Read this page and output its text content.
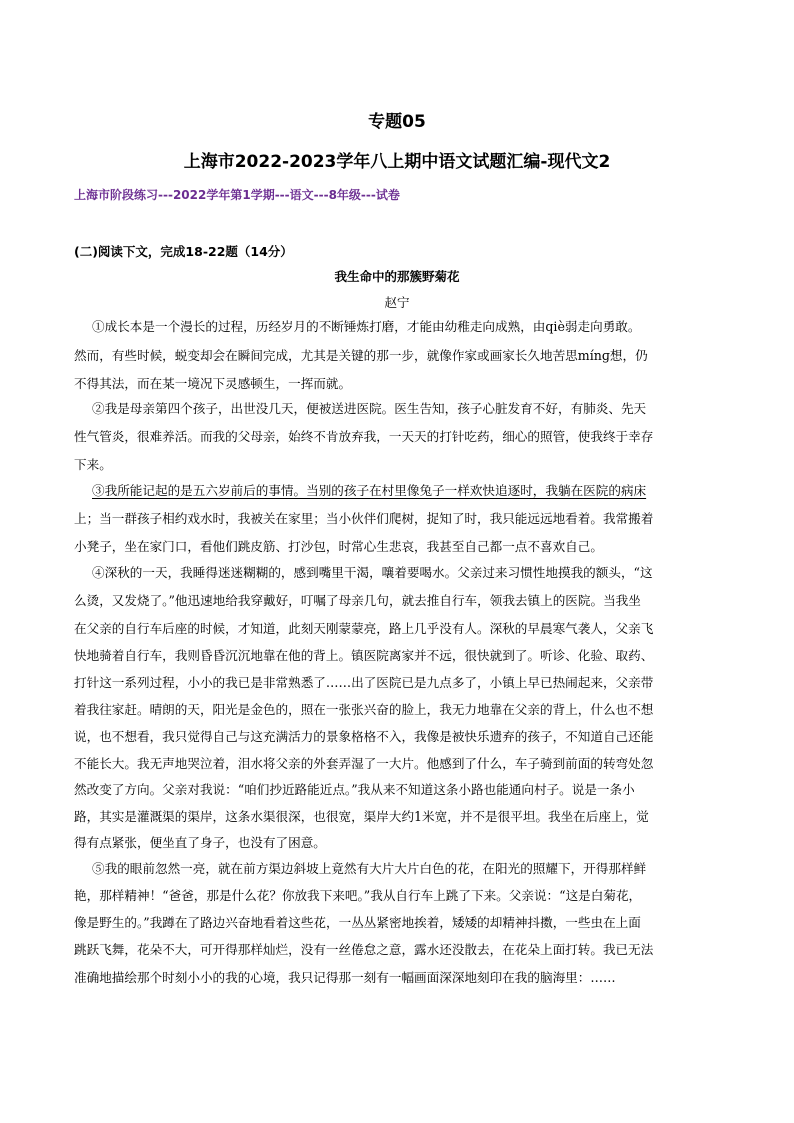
专题05
上海市2022-2023学年八上期中语文试题汇编-现代文2
上海市阶段练习---2022学年第1学期---语文---8年级---试卷
(二)阅读下文，完成18-22题（14分）
我生命中的那簇野菊花
赵宁
①成长本是一个漫长的过程，历经岁月的不断锤炼打磨，才能由幼稚走向成熟，由qiè弱走向勇敢。
然而，有些时候，蜕变却会在瞬间完成，尤其是关键的那一步，就像作家或画家长久地苦思mínɡ想，仍
不得其法，而在某一境况下灵感顿生，一挥而就。
②我是母亲第四个孩子，出世没几天，便被送进医院。医生告知，孩子心脏发育不好，有肺炎、先天
性气管炎，很难养活。而我的父母亲，始终不肯放弃我，一天天的打针吃药，细心的照管，使我终于幸存
下来。
③我所能记起的是五六岁前后的事情。当别的孩子在村里像兔子一样欢快追逐时，我躺在医院的病床
上；当一群孩子相约戏水时，我被关在家里；当小伙伴们爬树，捉知了时，我只能远远地看着。我常搬着
小凳子，坐在家门口，看他们跳皮筋、打沙包，时常心生悲哀，我甚至自己都一点不喜欢自己。
④深秋的一天，我睡得迷迷糊糊的，感到嘴里干渴，嚷着要喝水。父亲过来习惯性地摸我的额头，“这
么烫，又发烧了。”他迅速地给我穿戴好，叮嘱了母亲几句，就去推自行车，领我去镇上的医院。当我坐
在父亲的自行车后座的时候，才知道，此刻天刚蒙蒙亮，路上几乎没有人。深秋的早晨寒气袭人，父亲飞
快地骑着自行车，我则昏昏沉沉地靠在他的背上。镇医院离家并不远，很快就到了。听诊、化验、取药、
打针这一系列过程，小小的我已是非常熟悉了……出了医院已是九点多了，小镇上早已热闹起来，父亲带
着我往家赶。晴朗的天，阳光是金色的，照在一张张兴奋的脸上，我无力地靠在父亲的背上，什么也不想
说，也不想看，我只觉得自己与这充满活力的景象格格不入，我像是被快乐遗弃的孩子，不知道自己还能
不能长大。我无声地哭泣着，泪水将父亲的外套弄湿了一大片。他感到了什么，车子骑到前面的转弯处忽
然改变了方向。父亲对我说：“咱们抄近路能近点。”我从来不知道这条小路也能通向村子。说是一条小
路，其实是灌溉渠的渠岸，这条水渠很深，也很宽，渠岸大约1米宽，并不是很平坦。我坐在后座上，觉
得有点紧张，便坐直了身子，也没有了困意。
⑤我的眼前忽然一亮，就在前方渠边斜坡上竟然有大片大片白色的花，在阳光的照耀下，开得那样鲜
艳，那样精神！“爸爸，那是什么花？你放我下来吧。”我从自行车上跳了下来。父亲说：“这是白菊花，
像是野生的。”我蹲在了路边兴奋地看着这些花，一丛丛紧密地挨着，矮矮的却精神抖擞，一些虫在上面
跳跃飞舞，花朵不大，可开得那样灿烂，没有一丝倦怠之意，露水还没散去，在花朵上面打转。我已无法
准确地描绘那个时刻小小的我的心境，我只记得那一刻有一幅画面深深地刻印在我的脑海里：……
